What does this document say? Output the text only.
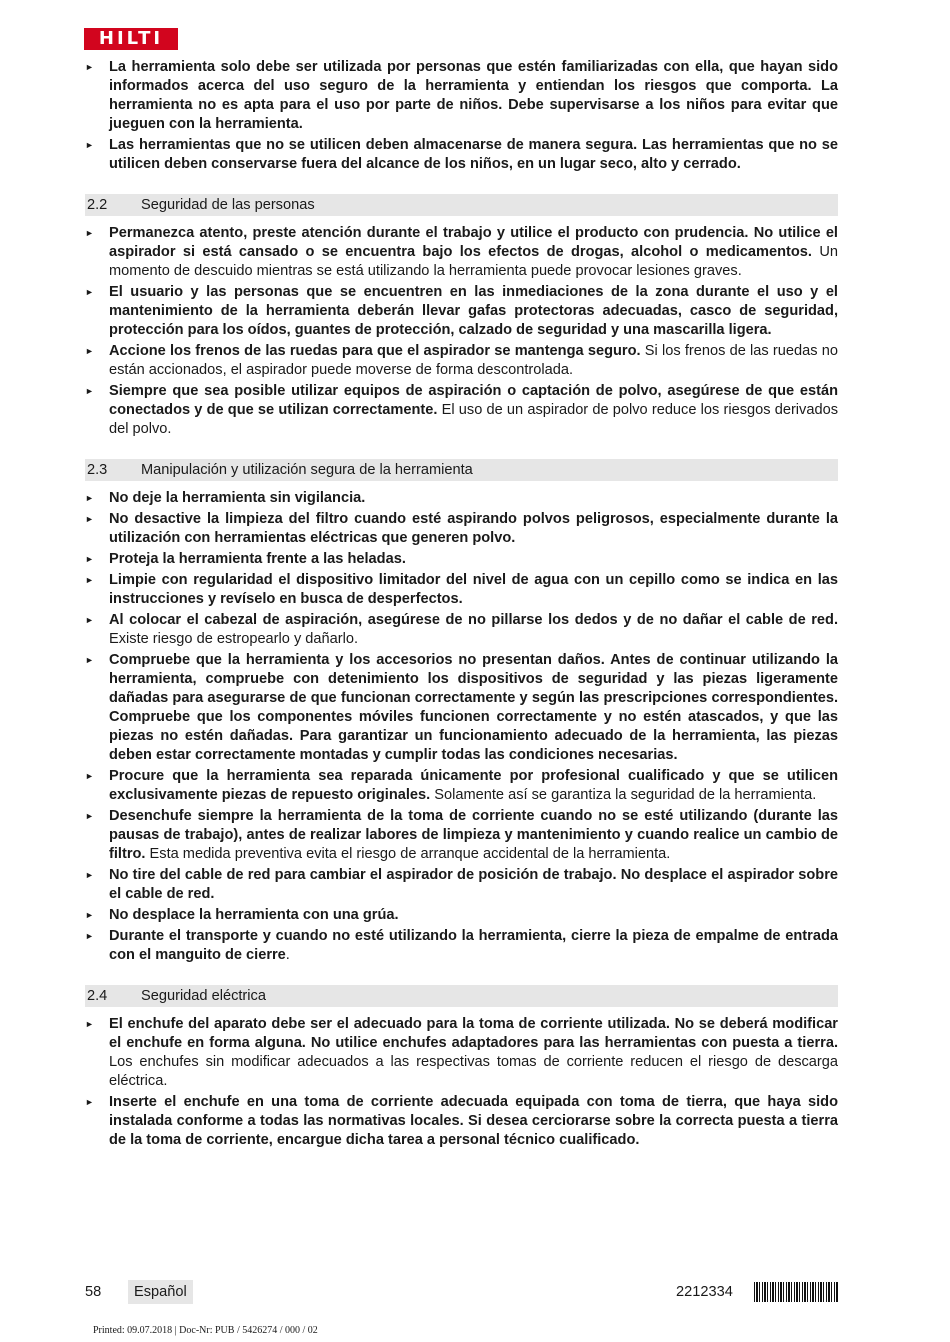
HILTI
► La herramienta solo debe ser utilizada por personas que estén familiarizadas con ella, que hayan sido informados acerca del uso seguro de la herramienta y entiendan los riesgos que comporta. La herramienta no es apta para el uso por parte de niños. Debe supervisarse a los niños para evitar que jueguen con la herramienta.
► Las herramientas que no se utilicen deben almacenarse de manera segura. Las herramientas que no se utilicen deben conservarse fuera del alcance de los niños, en un lugar seco, alto y cerrado.
2.2	Seguridad de las personas
► Permanezca atento, preste atención durante el trabajo y utilice el producto con prudencia. No utilice el aspirador si está cansado o se encuentra bajo los efectos de drogas, alcohol o medicamentos. Un momento de descuido mientras se está utilizando la herramienta puede provocar lesiones graves.
► El usuario y las personas que se encuentren en las inmediaciones de la zona durante el uso y el mantenimiento de la herramienta deberán llevar gafas protectoras adecuadas, casco de seguridad, protección para los oídos, guantes de protección, calzado de seguridad y una mascarilla ligera.
► Accione los frenos de las ruedas para que el aspirador se mantenga seguro. Si los frenos de las ruedas no están accionados, el aspirador puede moverse de forma descontrolada.
► Siempre que sea posible utilizar equipos de aspiración o captación de polvo, asegúrese de que están conectados y de que se utilizan correctamente. El uso de un aspirador de polvo reduce los riesgos derivados del polvo.
2.3	Manipulación y utilización segura de la herramienta
► No deje la herramienta sin vigilancia.
► No desactive la limpieza del filtro cuando esté aspirando polvos peligrosos, especialmente durante la utilización con herramientas eléctricas que generen polvo.
► Proteja la herramienta frente a las heladas.
► Limpie con regularidad el dispositivo limitador del nivel de agua con un cepillo como se indica en las instrucciones y revíselo en busca de desperfectos.
► Al colocar el cabezal de aspiración, asegúrese de no pillarse los dedos y de no dañar el cable de red. Existe riesgo de estropearlo y dañarlo.
► Compruebe que la herramienta y los accesorios no presentan daños. Antes de continuar utilizando la herramienta, compruebe con detenimiento los dispositivos de seguridad y las piezas ligeramente dañadas para asegurarse de que funcionan correctamente y según las prescripciones correspondientes. Compruebe que los componentes móviles funcionen correctamente y no estén atascados, y que las piezas no estén dañadas. Para garantizar un funcionamiento adecuado de la herramienta, las piezas deben estar correctamente montadas y cumplir todas las condiciones necesarias.
► Procure que la herramienta sea reparada únicamente por profesional cualificado y que se utilicen exclusivamente piezas de repuesto originales. Solamente así se garantiza la seguridad de la herramienta.
► Desenchufe siempre la herramienta de la toma de corriente cuando no se esté utilizando (durante las pausas de trabajo), antes de realizar labores de limpieza y mantenimiento y cuando realice un cambio de filtro. Esta medida preventiva evita el riesgo de arranque accidental de la herramienta.
► No tire del cable de red para cambiar el aspirador de posición de trabajo. No desplace el aspirador sobre el cable de red.
► No desplace la herramienta con una grúa.
► Durante el transporte y cuando no esté utilizando la herramienta, cierre la pieza de empalme de entrada con el manguito de cierre.
2.4	Seguridad eléctrica
► El enchufe del aparato debe ser el adecuado para la toma de corriente utilizada. No se deberá modificar el enchufe en forma alguna. No utilice enchufes adaptadores para las herramientas con puesta a tierra. Los enchufes sin modificar adecuados a las respectivas tomas de corriente reducen el riesgo de descarga eléctrica.
► Inserte el enchufe en una toma de corriente adecuada equipada con toma de tierra, que haya sido instalada conforme a todas las normativas locales. Si desea cerciorarse sobre la correcta puesta a tierra de la toma de corriente, encargue dicha tarea a personal técnico cualificado.
58	Español	2212334
Printed: 09.07.2018 | Doc-Nr: PUB / 5426274 / 000 / 02
